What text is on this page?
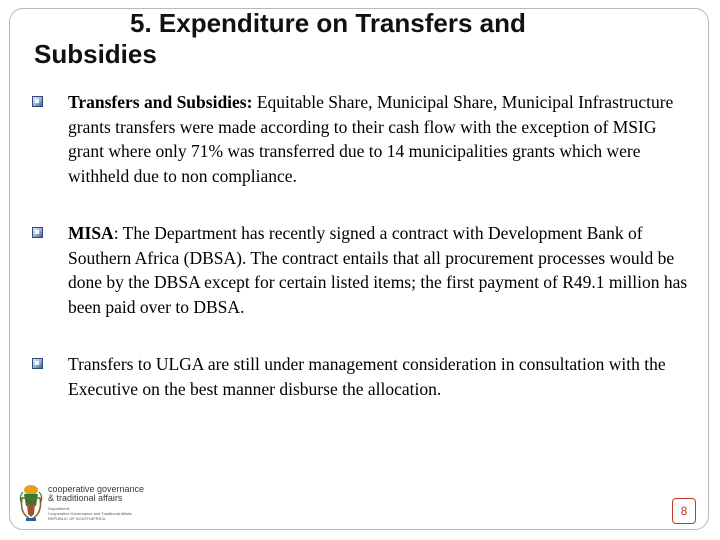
5. Expenditure on Transfers and
Subsidies
Transfers and Subsidies: Equitable Share, Municipal Share, Municipal Infrastructure grants transfers were made according to their cash flow with the exception of MSIG grant where only 71% was transferred due to 14 municipalities grants which were withheld due to non compliance.
MISA: The Department has recently signed a contract with Development Bank of Southern Africa (DBSA). The contract entails that all procurement processes would be done by the DBSA except for certain listed items; the first payment of R49.1 million has been paid over to DBSA.
Transfers to ULGA are still under management consideration in consultation with the Executive on the best manner disburse the allocation.
cooperative governance
& traditional affairs
Department:
Cooperative Governance and Traditional Affairs
REPUBLIC OF SOUTH AFRICA
8
